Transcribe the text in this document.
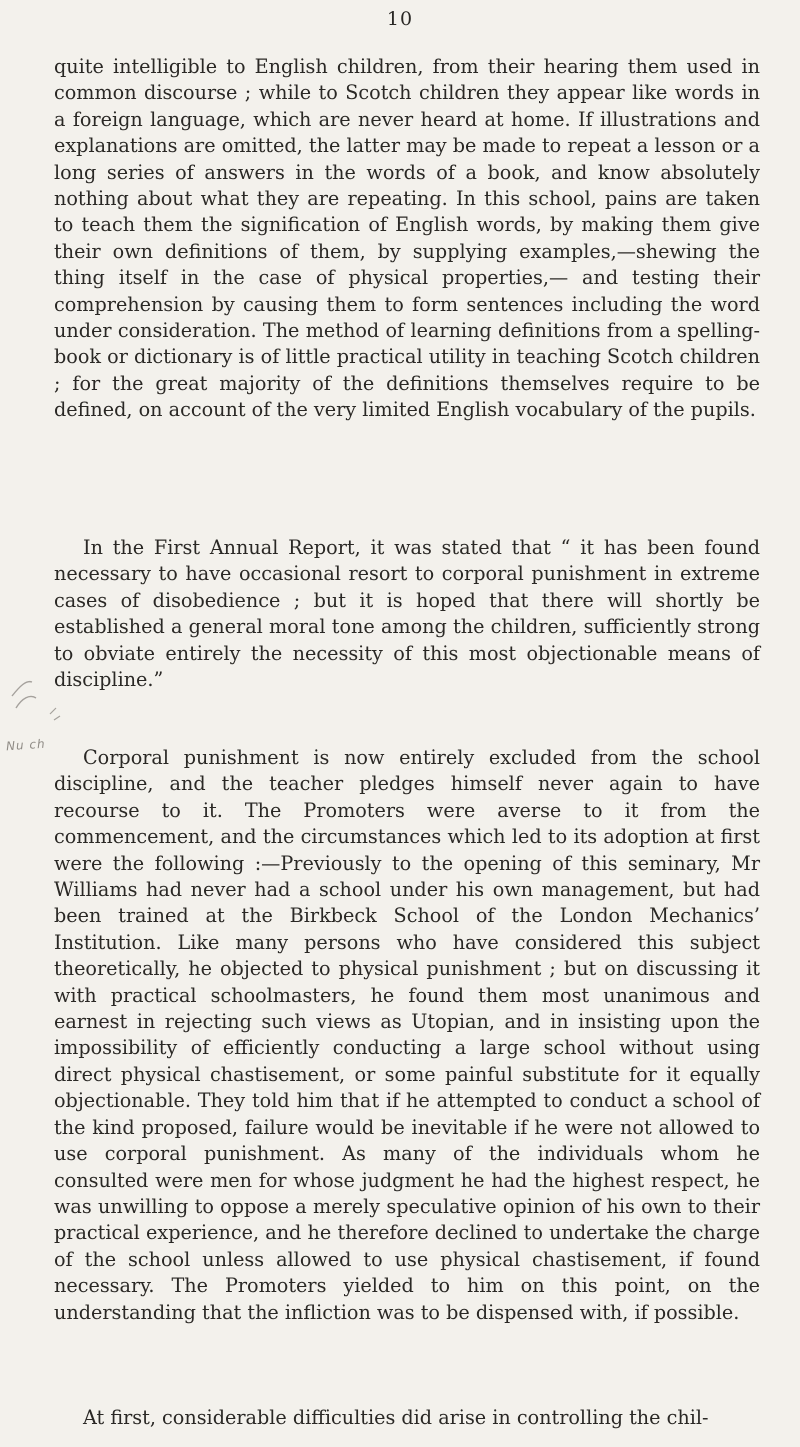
10

quite intelligible to English children, from their hearing them used in common discourse ; while to Scotch children they appear like words in a foreign language, which are never heard at home. If illustrations and explanations are omitted, the latter may be made to repeat a lesson or a long series of answers in the words of a book, and know absolutely nothing about what they are repeating. In this school, pains are taken to teach them the signification of English words, by making them give their own definitions of them, by supplying examples,—shewing the thing itself in the case of physical properties,— and testing their comprehension by causing them to form sentences including the word under consideration. The method of learning definitions from a spelling-book or dictionary is of little practical utility in teaching Scotch children ; for the great majority of the definitions themselves require to be defined, on account of the very limited English vocabulary of the pupils.

In the First Annual Report, it was stated that “ it has been found necessary to have occasional resort to corporal punishment in extreme cases of disobedience ; but it is hoped that there will shortly be established a general moral tone among the children, sufficiently strong to obviate entirely the necessity of this most objectionable means of discipline.”

Corporal punishment is now entirely excluded from the school discipline, and the teacher pledges himself never again to have recourse to it. The Promoters were averse to it from the commencement, and the circumstances which led to its adoption at first were the following :—Previously to the opening of this seminary, Mr Williams had never had a school under his own management, but had been trained at the Birkbeck School of the London Mechanics’ Institution. Like many persons who have considered this subject theoretically, he objected to physical punishment ; but on discussing it with practical schoolmasters, he found them most unanimous and earnest in rejecting such views as Utopian, and in insisting upon the impossibility of efficiently conducting a large school without using direct physical chastisement, or some painful substitute for it equally objectionable. They told him that if he attempted to conduct a school of the kind proposed, failure would be inevitable if he were not allowed to use corporal punishment. As many of the individuals whom he consulted were men for whose judgment he had the highest respect, he was unwilling to oppose a merely speculative opinion of his own to their practical experience, and he therefore declined to undertake the charge of the school unless allowed to use physical chastisement, if found necessary. The Promoters yielded to him on this point, on the understanding that the infliction was to be dispensed with, if possible.

At first, considerable difficulties did arise in controlling the chil-

Nu ch
